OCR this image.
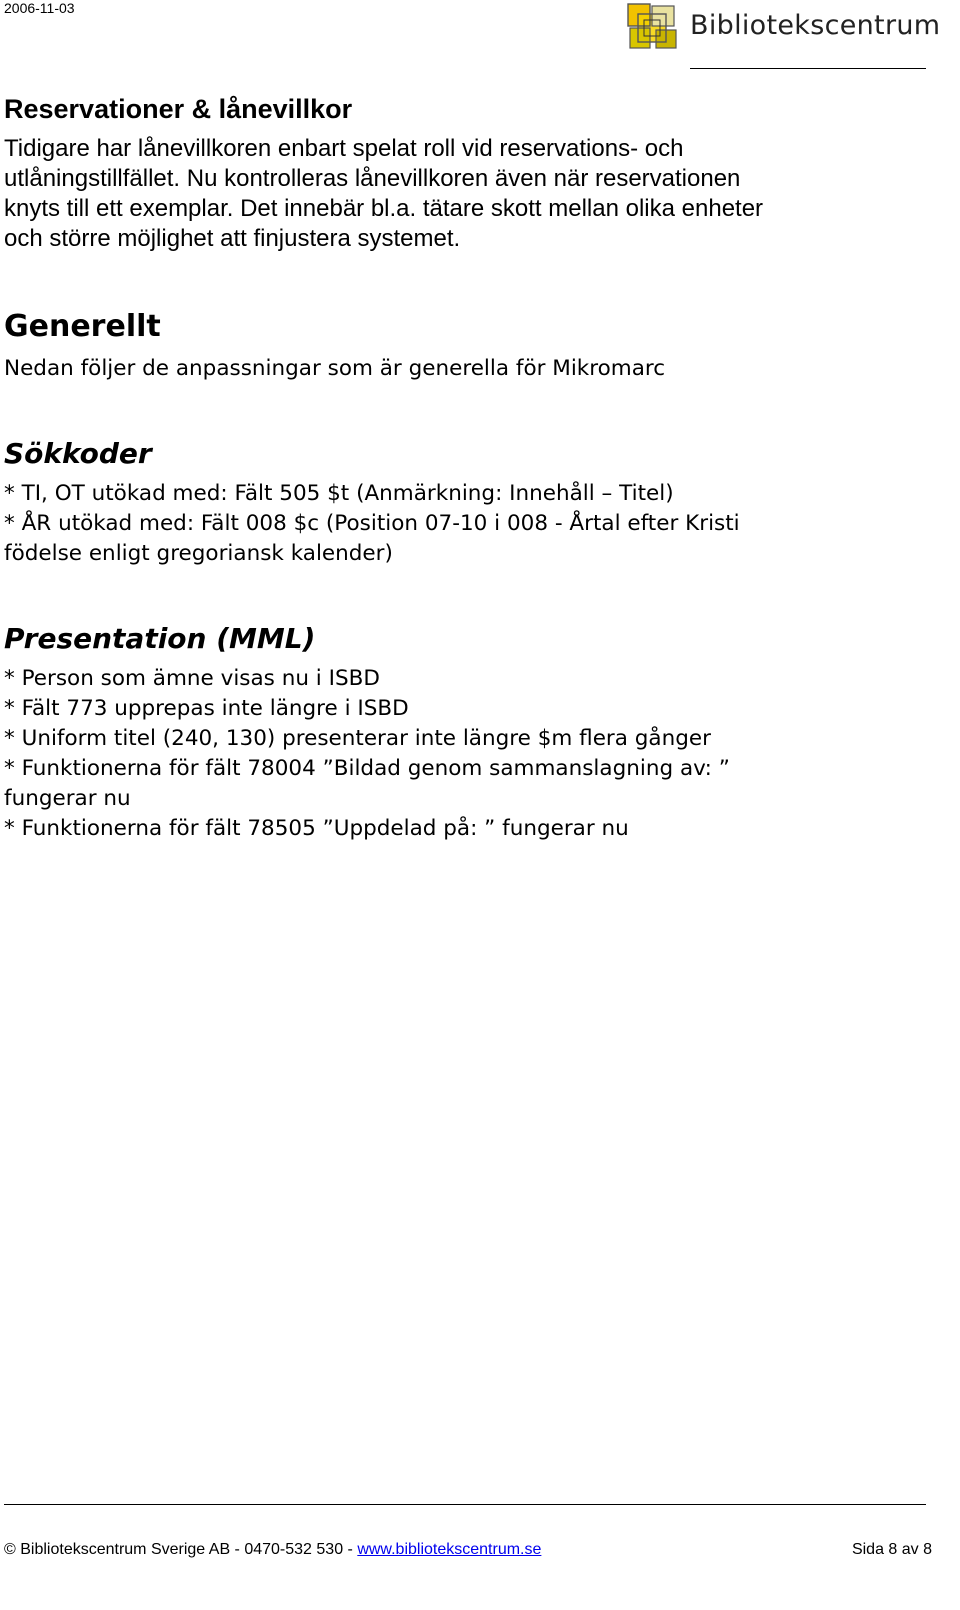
2006-11-03
Bibliotekscentrum
Reservationer & lånevillkor
Tidigare har lånevillkoren enbart spelat roll vid reservations- och
utlåningstillfället. Nu kontrolleras lånevillkoren även när reservationen
knyts till ett exemplar. Det innebär bl.a. tätare skott mellan olika enheter
och större möjlighet att finjustera systemet.
Generellt
Nedan följer de anpassningar som är generella för Mikromarc
Sökkoder
* TI, OT utökad med: Fält 505 $t (Anmärkning: Innehåll – Titel)
* ÅR utökad med: Fält 008 $c (Position 07-10 i 008 - Årtal efter Kristi
födelse enligt gregoriansk kalender)
Presentation (MML)
* Person som ämne visas nu i ISBD
* Fält 773 upprepas inte längre i ISBD
* Uniform titel (240, 130) presenterar inte längre $m flera gånger
* Funktionerna för fält 78004 ”Bildad genom sammanslagning av: ”
fungerar nu
* Funktionerna för fält 78505 ”Uppdelad på: ” fungerar nu
© Bibliotekscentrum Sverige AB - 0470-532 530 - www.bibliotekscentrum.se	Sida 8 av 8
